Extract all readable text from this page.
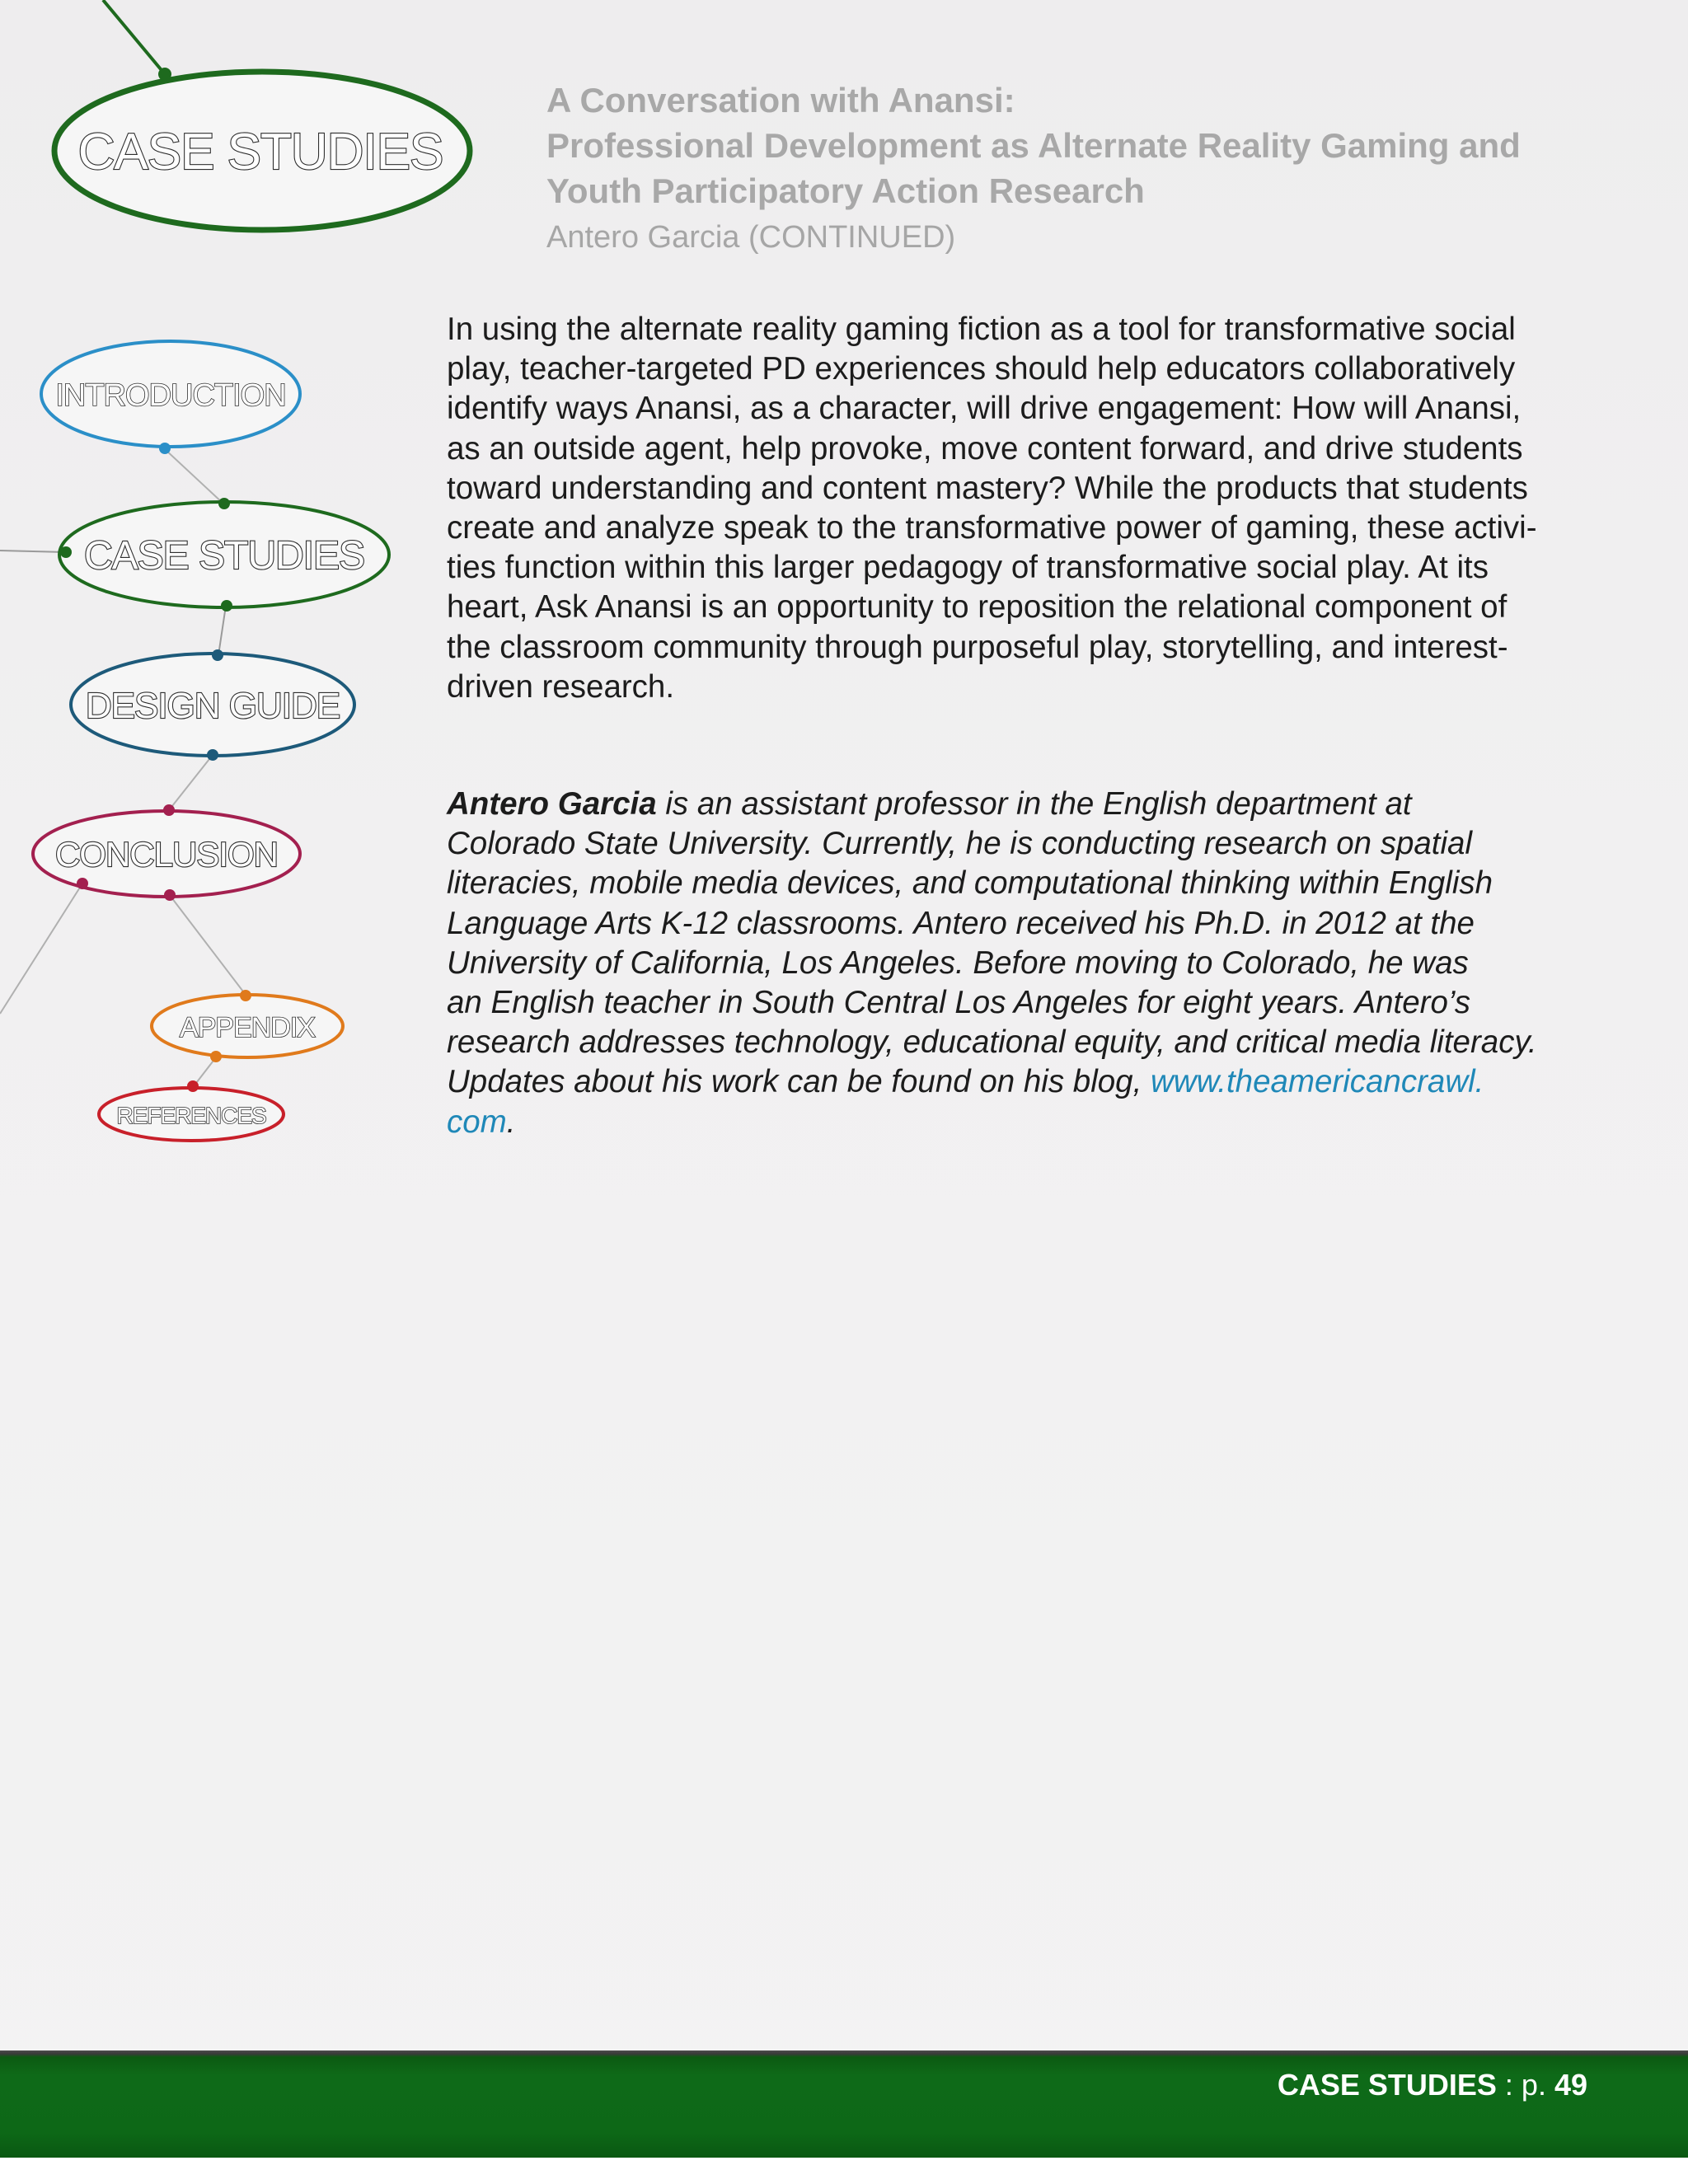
CASE STUDIES
INTRODUCTION
CASE STUDIES
DESIGN GUIDE
CONCLUSION
APPENDIX
REFERENCES
A Conversation with Anansi:
Professional Development as Alternate Reality Gaming and
Youth Participatory Action Research
Antero Garcia (CONTINUED)
In using the alternate reality gaming fiction as a tool for transformative social
play, teacher-targeted PD experiences should help educators collaboratively
identify ways Anansi, as a character, will drive engagement: How will Anansi,
as an outside agent, help provoke, move content forward, and drive students
toward understanding and content mastery? While the products that students
create and analyze speak to the transformative power of gaming, these activi-
ties function within this larger pedagogy of transformative social play. At its
heart, Ask Anansi is an opportunity to reposition the relational component of
the classroom community through purposeful play, storytelling, and interest-
driven research.
Antero Garcia is an assistant professor in the English department at
Colorado State University. Currently, he is conducting research on spatial
literacies, mobile media devices, and computational thinking within English
Language Arts K-12 classrooms. Antero received his Ph.D. in 2012 at the
University of California, Los Angeles. Before moving to Colorado, he was
an English teacher in South Central Los Angeles for eight years. Antero’s
research addresses technology, educational equity, and critical media literacy.
Updates about his work can be found on his blog, www.theamericancrawl.
com.
CASE STUDIES : p. 49
